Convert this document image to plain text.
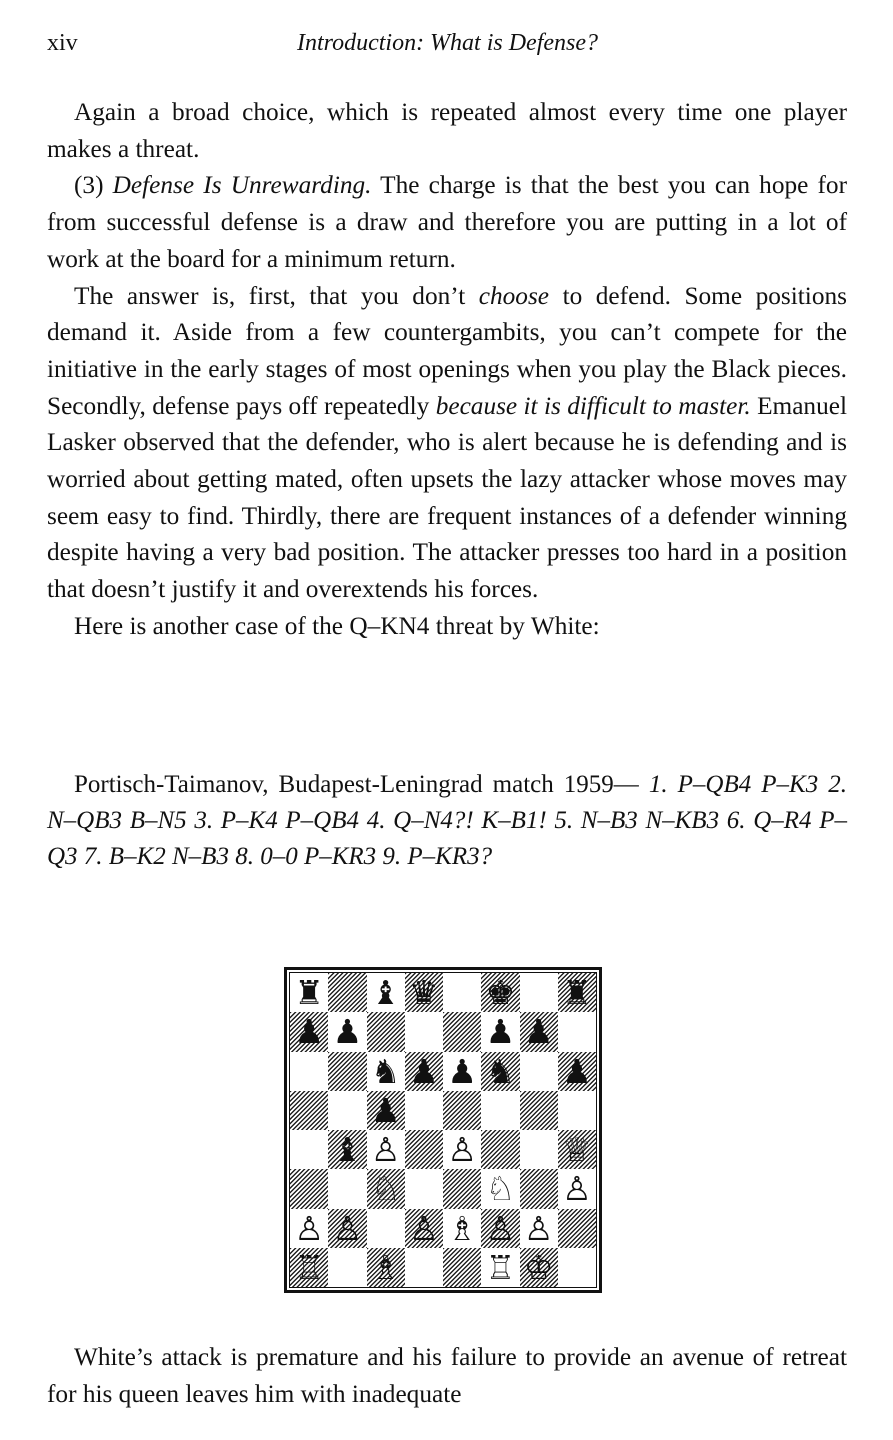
xiv	Introduction: What is Defense?

Again a broad choice, which is repeated almost every time one player makes a threat.

(3) Defense Is Unrewarding. The charge is that the best you can hope for from successful defense is a draw and therefore you are putting in a lot of work at the board for a minimum return.

The answer is, first, that you don’t choose to defend. Some positions demand it. Aside from a few countergambits, you can’t compete for the initiative in the early stages of most openings when you play the Black pieces. Secondly, defense pays off repeatedly because it is difficult to master. Emanuel Lasker observed that the defender, who is alert because he is defending and is worried about getting mated, often upsets the lazy attacker whose moves may seem easy to find. Thirdly, there are frequent instances of a defender winning despite having a very bad position. The attacker presses too hard in a position that doesn’t justify it and overextends his forces.

Here is another case of the Q–KN4 threat by White:

Portisch-Taimanov, Budapest-Leningrad match 1959— 1. P–QB4 P–K3 2. N–QB3 B–N5 3. P–K4 P–QB4 4. Q–N4?! K–B1! 5. N–B3 N–KB3 6. Q–R4 P–Q3 7. B–K2 N–B3 8. 0–0 P–KR3 9. P–KR3?

♜ ♝ ♛ ♚ ♜
♟ ♟	♟ ♟
♞ ♟ ♟ ♞ ♟
♟
♝ ♙ ♙	♕
♘	♘ ♙
♙ ♙ ♙ ♗ ♙ ♙
♖ ♗	♖ ♔

White’s attack is premature and his failure to provide an avenue of retreat for his queen leaves him with inadequate
